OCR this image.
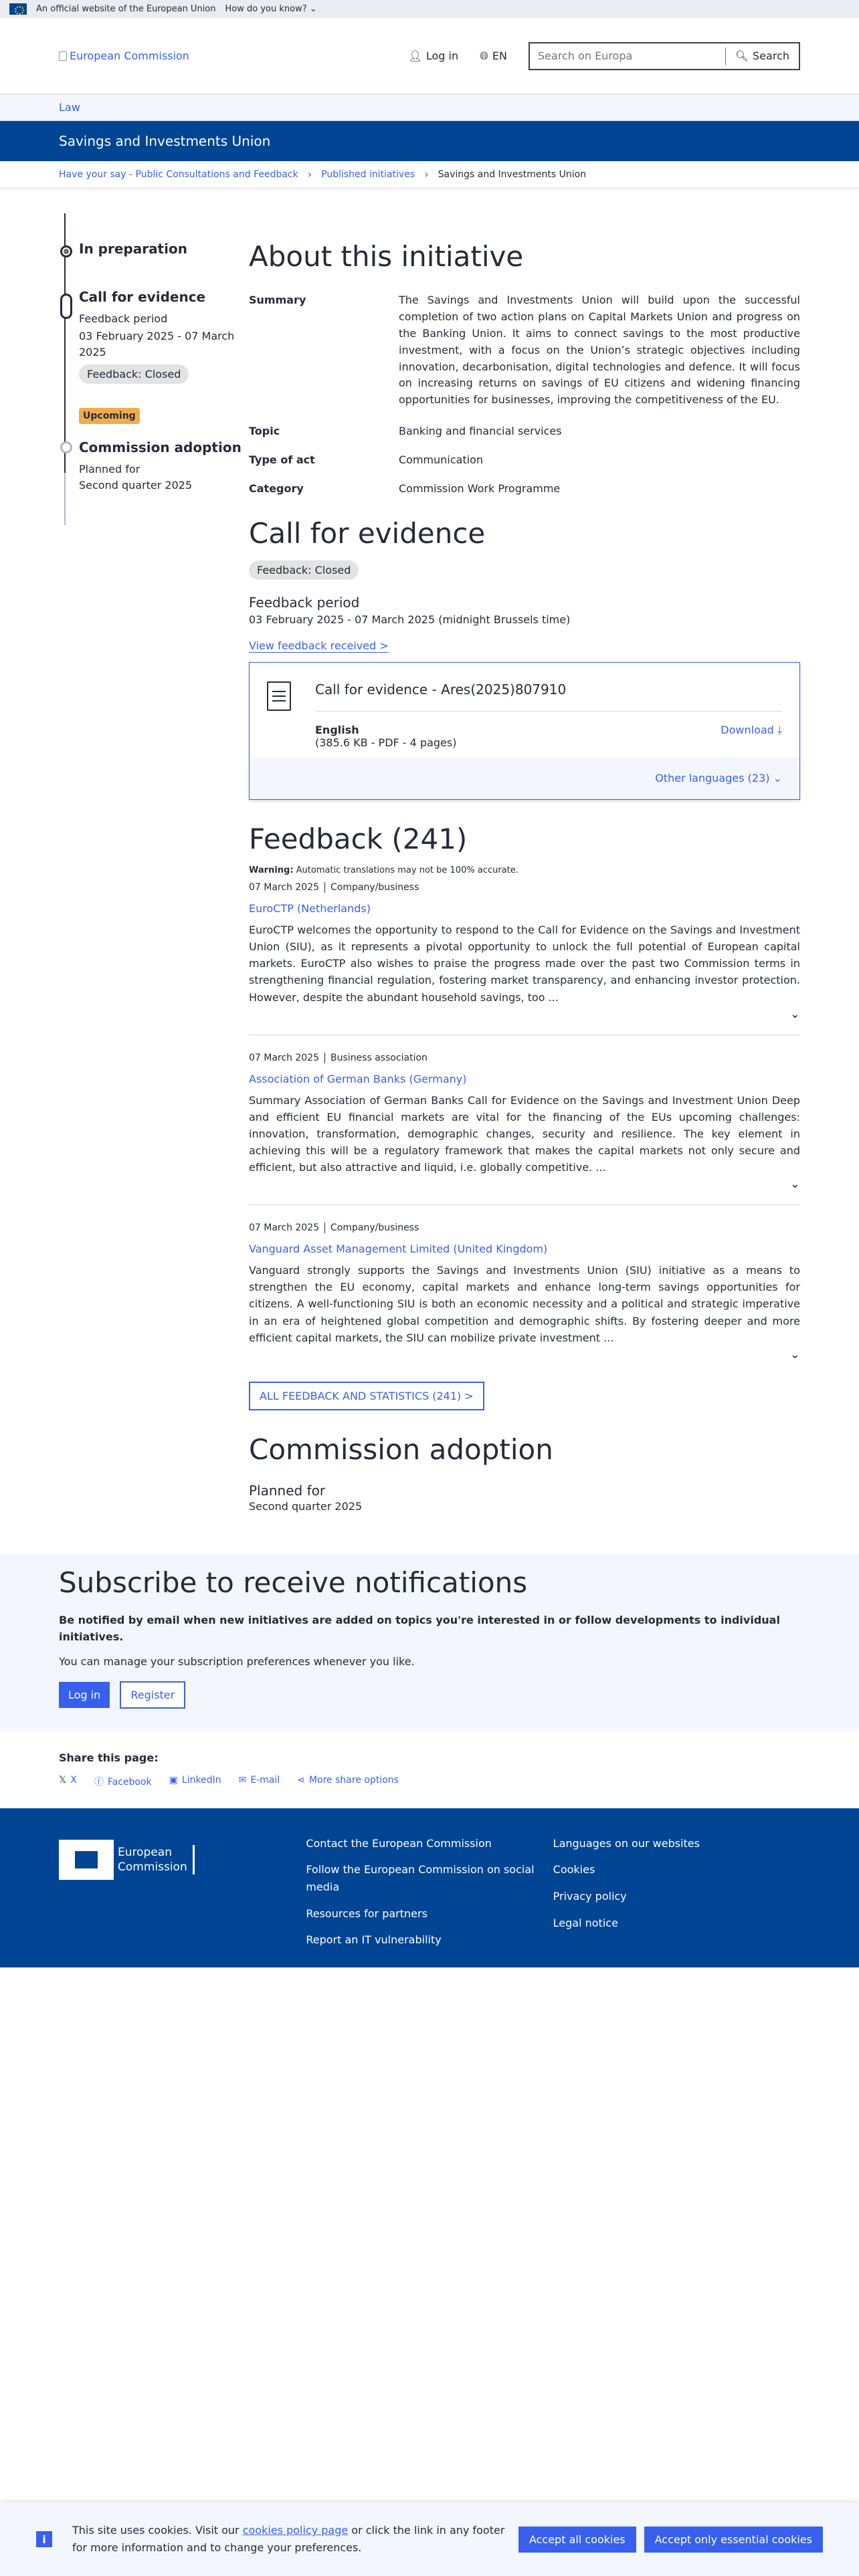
An official website of the European Union How do you know? ⌄
European Commission	👤︎ Log in 🌐︎ EN
Search on Europa	🔍︎ Search
Law
Savings and Investments Union
Have your say - Public Consultations and Feedback › Published initiatives › Savings and Investments Union
In preparation
Call for evidence
Feedback period
03 February 2025 - 07 March 2025
Feedback: Closed
Upcoming
Commission adoption
Planned for
Second quarter 2025
About this initiative
Summary	The Savings and Investments Union will build upon the successful completion of two action plans on Capital Markets Union and progress on the Banking Union. It aims to connect savings to the most productive investment, with a focus on the Union’s strategic objectives including innovation, decarbonisation, digital technologies and defence. It will focus on increasing returns on savings of EU citizens and widening financing opportunities for businesses, improving the competitiveness of the EU.
Topic	Banking and financial services
Type of act	Communication
Category	Commission Work Programme
Call for evidence
Feedback: Closed
Feedback period
03 February 2025 - 07 March 2025 (midnight Brussels time)
View feedback received >
Call for evidence - Ares(2025)807910
English
(385.6 KB - PDF - 4 pages)
Download ⤓
Other languages (23) ⌄
Feedback (241)
Warning: Automatic translations may not be 100% accurate.
07 March 2025 Company/business
EuroCTP (Netherlands)
EuroCTP welcomes the opportunity to respond to the Call for Evidence on the Savings and Investment Union (SIU), as it represents a pivotal opportunity to unlock the full potential of European capital markets. EuroCTP also wishes to praise the progress made over the past two Commission terms in strengthening financial regulation, fostering market transparency, and enhancing investor protection. However, despite the abundant household savings, too ...
⌄
07 March 2025 Business association
Association of German Banks (Germany)
Summary Association of German Banks Call for Evidence on the Savings and Investment Union Deep and efficient EU financial markets are vital for the financing of the EUs upcoming challenges: innovation, transformation, demographic changes, security and resilience. The key element in achieving this will be a regulatory framework that makes the capital markets not only secure and efficient, but also attractive and liquid, i.e. globally competitive. ...
⌄
07 March 2025 Company/business
Vanguard Asset Management Limited (United Kingdom)
Vanguard strongly supports the Savings and Investments Union (SIU) initiative as a means to strengthen the EU economy, capital markets and enhance long-term savings opportunities for citizens. A well-functioning SIU is both an economic necessity and a political and strategic imperative in an era of heightened global competition and demographic shifts. By fostering deeper and more efficient capital markets, the SIU can mobilize private investment ...
⌄
ALL FEEDBACK AND STATISTICS (241) >
Commission adoption
Planned for
Second quarter 2025
Subscribe to receive notifications
Be notified by email when new initiatives are added on topics you're interested in or follow developments to individual initiatives.
You can manage your subscription preferences whenever you like.
Log in	Register
Share this page:
𝕏 X ⓕ Facebook ▣ LinkedIn ✉ E-mail ⋖ More share options
European
Commission
Contact the European Commission
Follow the European Commission on social media
Resources for partners
Report an IT vulnerability
Languages on our websites
Cookies
Privacy policy
Legal notice
i
This site uses cookies. Visit our cookies policy page or click the link in any footer for more information and to change your preferences.
Accept all cookies	Accept only essential cookies
